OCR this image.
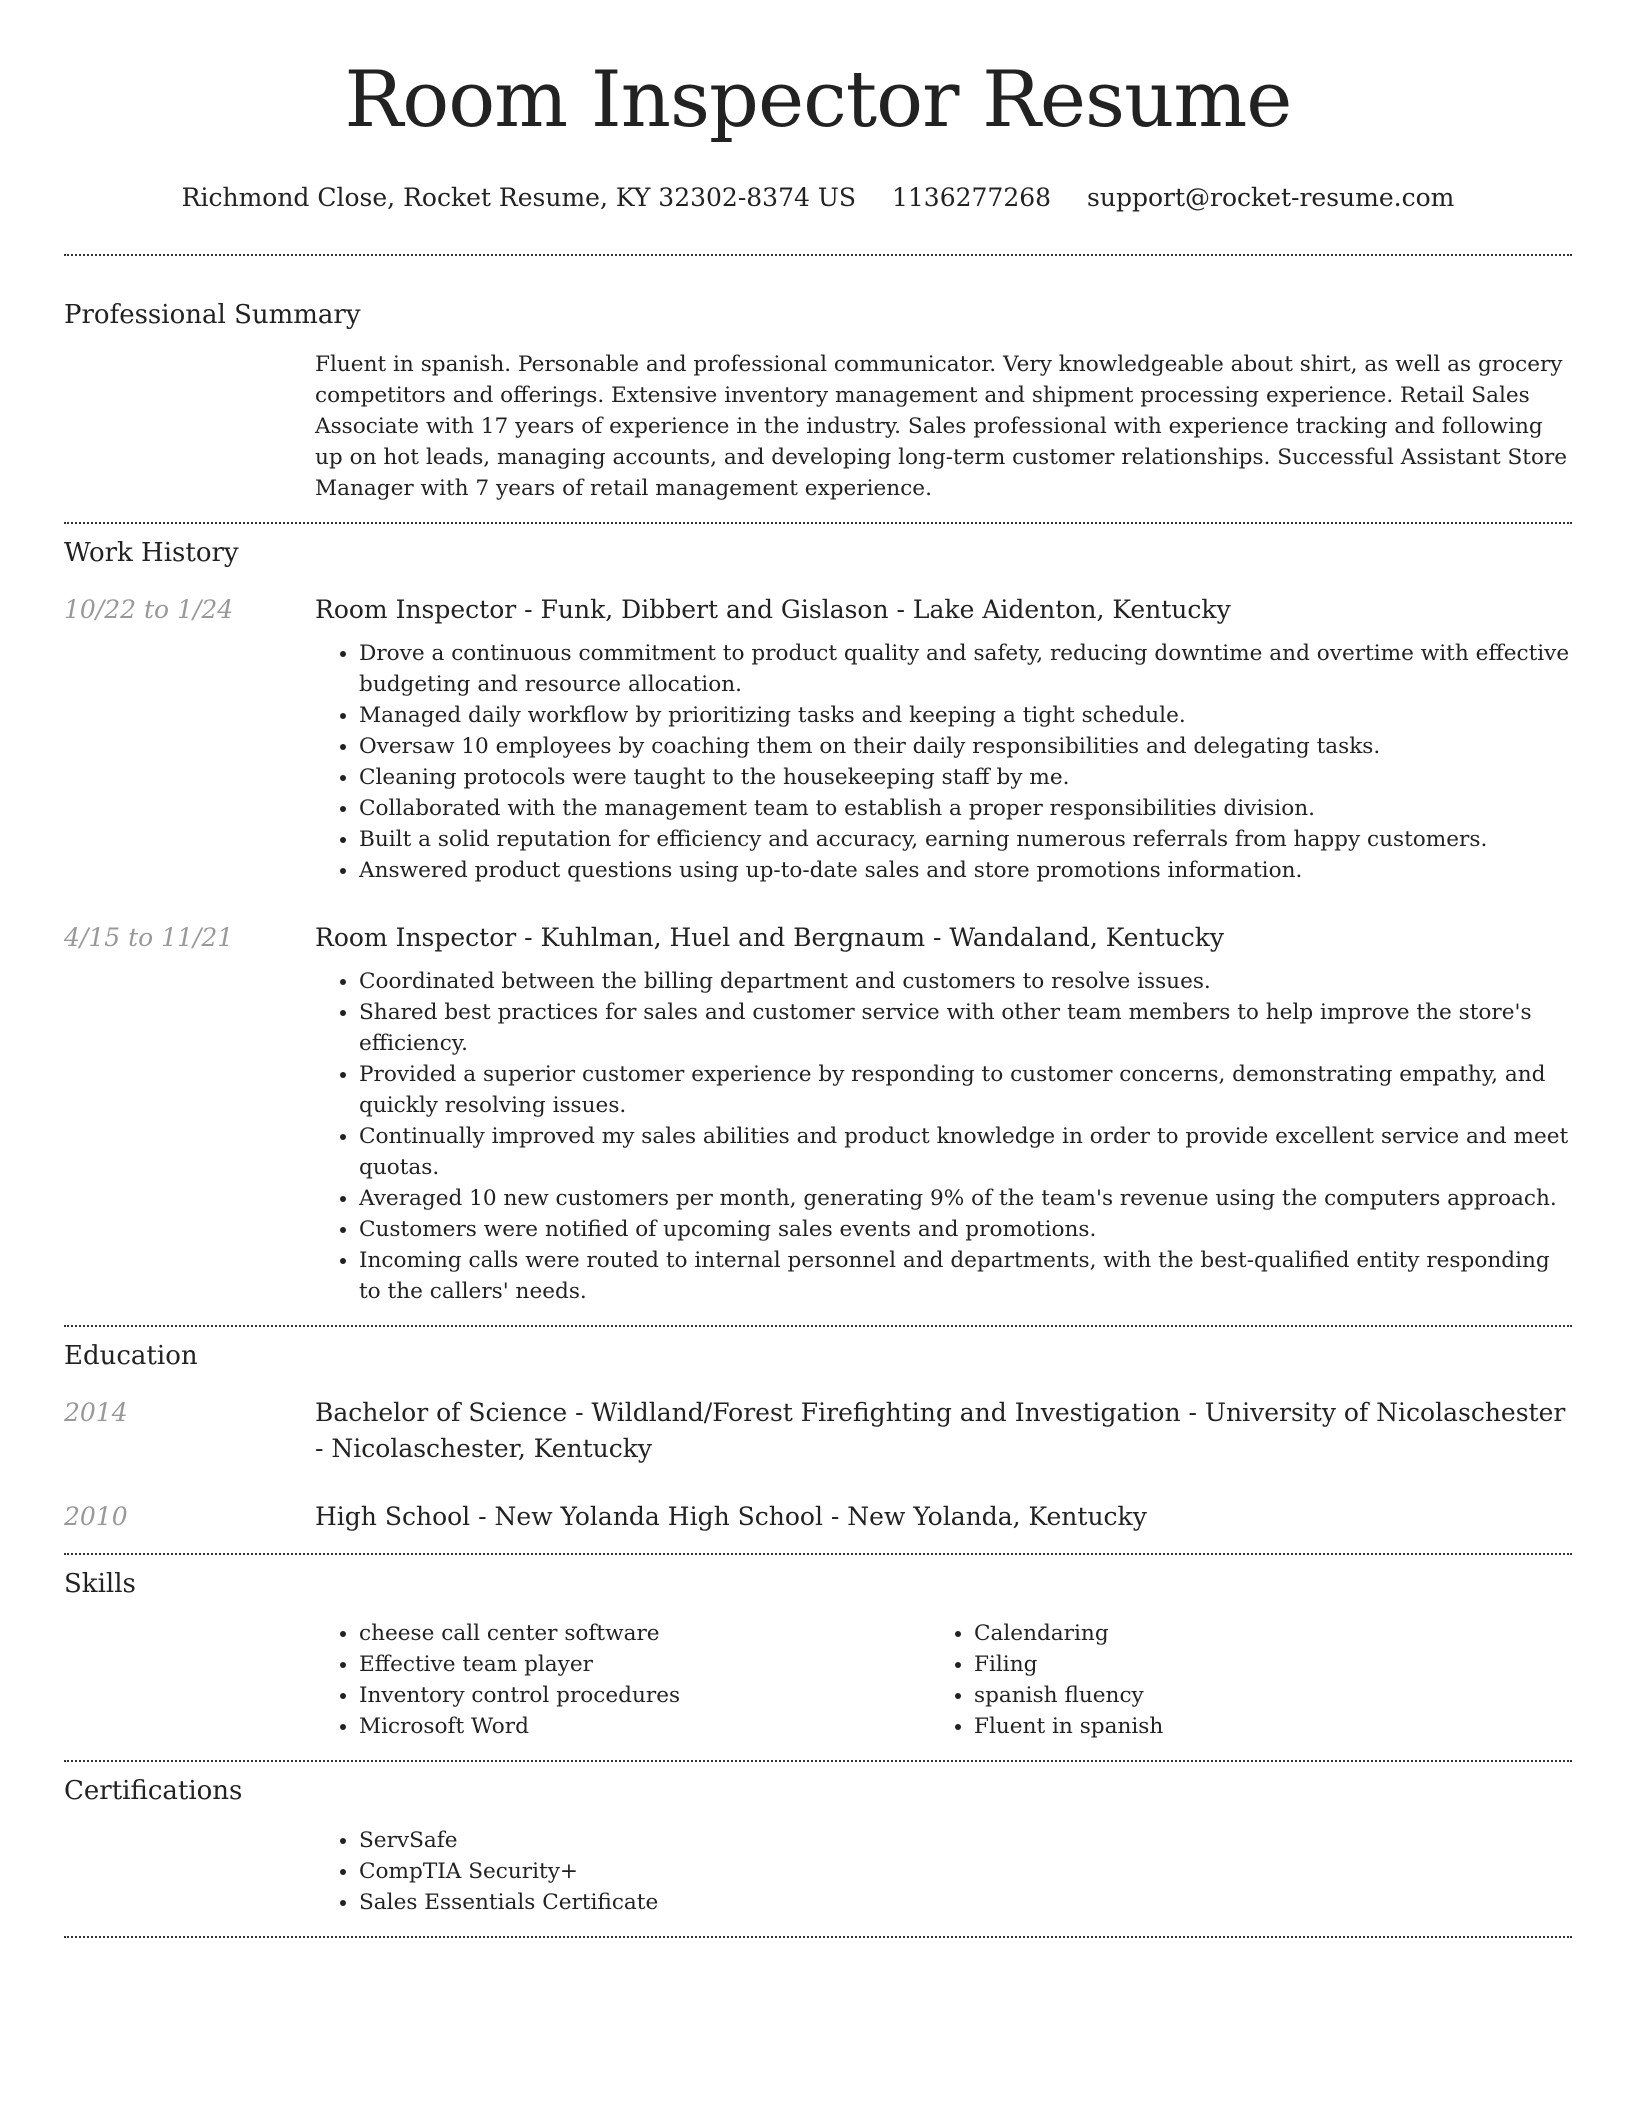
Room Inspector Resume
Richmond Close, Rocket Resume, KY 32302-8374 US 1136277268 support@rocket-resume.com
Professional Summary
Fluent in spanish. Personable and professional communicator. Very knowledgeable about shirt, as well as grocery competitors and offerings. Extensive inventory management and shipment processing experience. Retail Sales Associate with 17 years of experience in the industry. Sales professional with experience tracking and following up on hot leads, managing accounts, and developing long-term customer relationships. Successful Assistant Store Manager with 7 years of retail management experience.
Work History
10/22 to 1/24	Room Inspector - Funk, Dibbert and Gislason - Lake Aidenton, Kentucky
• Drove a continuous commitment to product quality and safety, reducing downtime and overtime with effective budgeting and resource allocation.
• Managed daily workflow by prioritizing tasks and keeping a tight schedule.
• Oversaw 10 employees by coaching them on their daily responsibilities and delegating tasks.
• Cleaning protocols were taught to the housekeeping staff by me.
• Collaborated with the management team to establish a proper responsibilities division.
• Built a solid reputation for efficiency and accuracy, earning numerous referrals from happy customers.
• Answered product questions using up-to-date sales and store promotions information.
4/15 to 11/21	Room Inspector - Kuhlman, Huel and Bergnaum - Wandaland, Kentucky
• Coordinated between the billing department and customers to resolve issues.
• Shared best practices for sales and customer service with other team members to help improve the store's efficiency.
• Provided a superior customer experience by responding to customer concerns, demonstrating empathy, and quickly resolving issues.
• Continually improved my sales abilities and product knowledge in order to provide excellent service and meet quotas.
• Averaged 10 new customers per month, generating 9% of the team's revenue using the computers approach.
• Customers were notified of upcoming sales events and promotions.
• Incoming calls were routed to internal personnel and departments, with the best-qualified entity responding to the callers' needs.
Education
2014	Bachelor of Science - Wildland/Forest Firefighting and Investigation - University of Nicolaschester - Nicolaschester, Kentucky
2010	High School - New Yolanda High School - New Yolanda, Kentucky
Skills
• cheese call center software
• Effective team player
• Inventory control procedures
• Microsoft Word
• Calendaring
• Filing
• spanish fluency
• Fluent in spanish
Certifications
• ServSafe
• CompTIA Security+
• Sales Essentials Certificate
